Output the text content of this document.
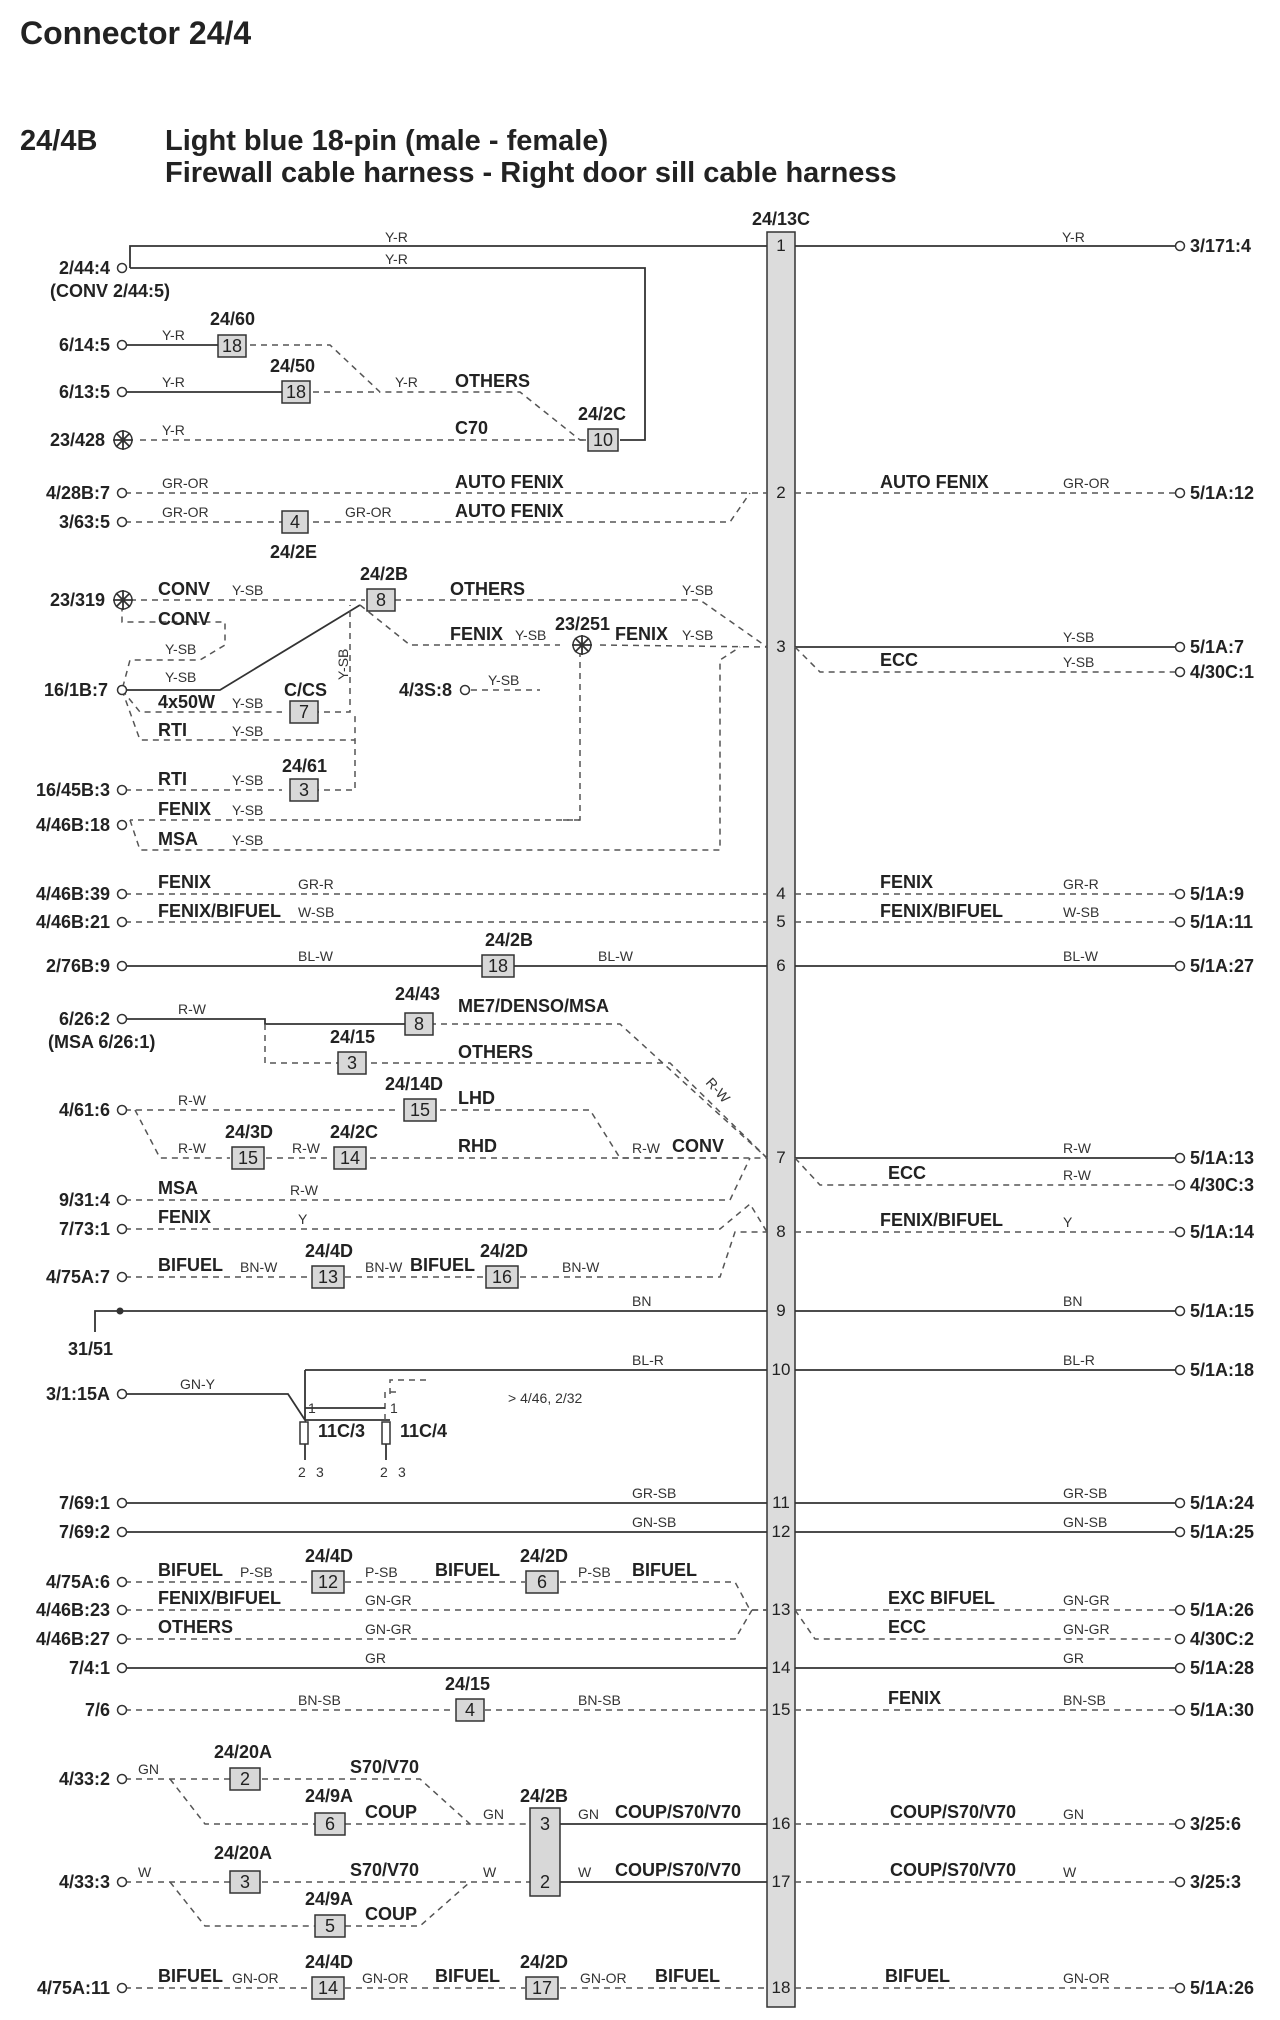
Connector 24/4
24/4B Light blue 18-pin (male - female)
Firewall cable harness - Right door sill cable harness
24/13C
1
2
3
4
5
6
7
8
9
10
11
12
13
14
15
16
17
18
2/44:4
(CONV 2/44:5)
6/14:5
6/13:5
23/428
4/28B:7
3/63:5
23/319
16/1B:7	4/3S:8
16/45B:3
4/46B:18
4/46B:39
4/46B:21
2/76B:9
6/26:2
(MSA 6/26:1)
4/61:6
9/31:4
7/73:1
4/75A:7
31/51
3/1:15A
7/69:1
7/69:2
4/75A:6
4/46B:23
4/46B:27
7/4:1
7/6
4/33:2
4/33:3
4/75A:11
3/171:4
5/1A:12
5/1A:7
4/30C:1
5/1A:9
5/1A:11
5/1A:27
5/1A:13
4/30C:3
5/1A:14
5/1A:15
5/1A:18
5/1A:24
5/1A:25
5/1A:26
4/30C:2
5/1A:28
5/1A:30
3/25:6
3/25:3
5/1A:26
18
18
10
4
8
7
3
18
8
3
15
15	14
13	16
12	6
4
2
6	3
3
5
2
14	17
24/60
24/50
24/2C
24/2E
24/2B
C/CS
24/61
23/251
24/2B
24/43
24/15
24/14D
24/3D	24/2C
24/4D	24/2D
11C/3 11C/4
24/4D	24/2D
24/15
24/20A
24/9A	24/2B
24/20A
24/9A
24/4D	24/2D
> 4/46, 2/32
1	1
2 3	2 3
OTHERS
C70
AUTO FENIX
AUTO FENIX
AUTO FENIX
CONV
CONV
OTHERS
FENIX	FENIX
4x50W
RTI
RTI
FENIX
MSA
ECC
FENIX
FENIX/BIFUEL
FENIX
FENIX/BIFUEL
ME7/DENSO/MSA
OTHERS
LHD
RHD	CONV
MSA
FENIX
ECC
FENIX/BIFUEL
BIFUEL	BIFUEL
BIFUEL	BIFUEL
FENIX/BIFUEL
OTHERS
BIFUEL
EXC BIFUEL
ECC
FENIX
S70/V70
COUP	COUP/S70/V70
S70/V70
COUP
COUP/S70/V70
COUP/S70/V70
COUP/S70/V70
BIFUEL	BIFUEL	BIFUEL	BIFUEL
Y-R
Y-R
Y-R
Y-R
Y-R	Y-R
Y-R
GR-OR
GR-OR	GR-OR
GR-OR
Y-SB	Y-SB
Y-SB	Y-SB
Y-SB
Y-SB
Y-SB
Y-SB
Y-SB
Y-SB
Y-SB
Y-SB
Y-SB
Y-SB
Y-SB
GR-R	GR-R
W-SB	W-SB
BL-W	BL-W	BL-W
R-W
R-W
R-W
R-W	R-W	R-W
R-W
R-W
R-W
Y	Y
BN-W	BN-W	BN-W
BN	BN
GN-Y
BL-R	BL-R
GR-SB	GR-SB
GN-SB	GN-SB
P-SB	P-SB	P-SB
GN-GR
GN-GR
GN-GR
GN-GR
GR	GR
BN-SB	BN-SB	BN-SB
GN
GN	GN	GN
W	W	W	W
GN-OR	GN-OR	GN-OR	GN-OR
